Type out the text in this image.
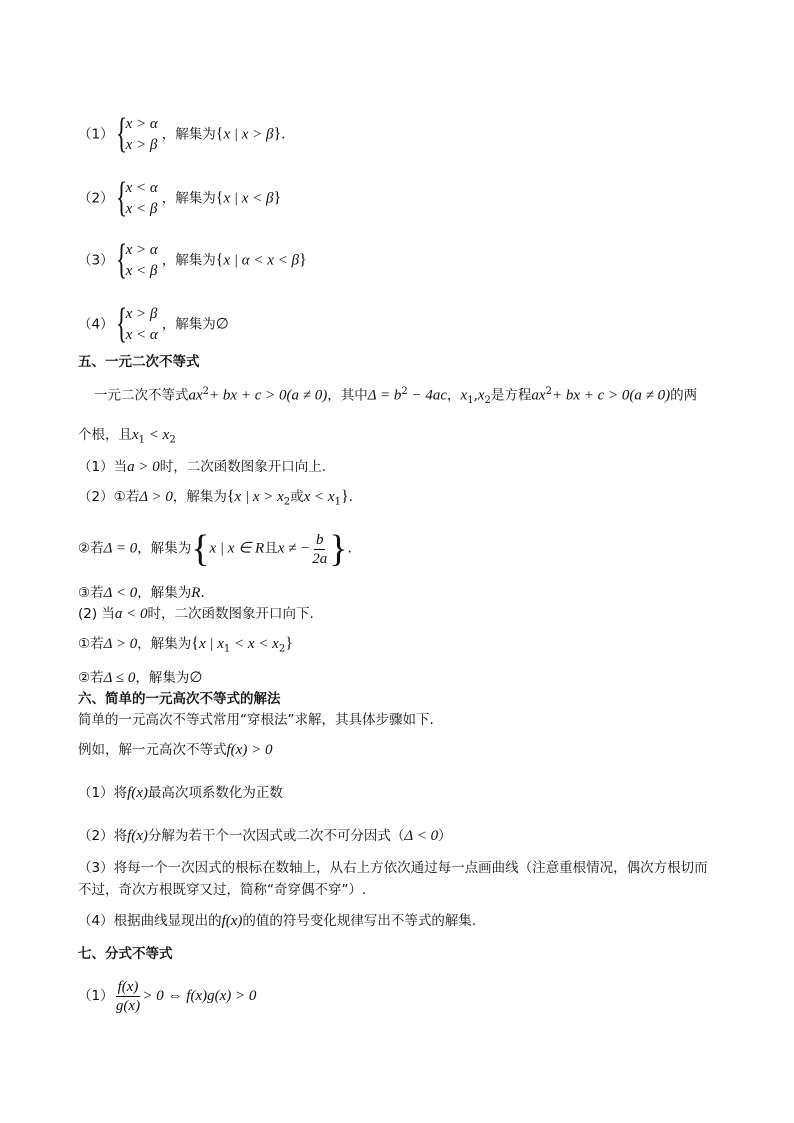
（1） {
x > α
x > β
，解集为{x | x > β}.
（2） {
x < α
x < β
，解集为{x | x < β}
（3） {
x > α
x < β
，解集为{x | α < x < β}
（4） {
x > β
x < α
，解集为∅
五、一元二次不等式
一元二次不等式$ax^2+$ bx + c > 0(a ≠ 0)，其中$\Delta = b^2 - 4ac$，$x_1,x_2$是方程$ax^2+$ bx + c > 0(a ≠ 0)的两
个根，且$x_1 < x_2$
（1）当a > 0时，二次函数图象开口向上.
（2）①若Δ > 0，解集为{x | $x > x_2$或$x < x_1$}.
②若Δ = 0，解集为{x | x ∈ R且x ≠ − $\frac{b}{2a}$ }.
③若Δ < 0，解集为R.
(2) 当a < 0时，二次函数图象开口向下.
①若Δ > 0，解集为{x | $x_1 < x < x_2$}
②若Δ ≤ 0，解集为∅
六、简单的一元高次不等式的解法
简单的一元高次不等式常用“穿根法”求解，其具体步骤如下.
例如，解一元高次不等式f(x) > 0
（1）将f(x)最高次项系数化为正数
（2）将f(x)分解为若干个一次因式或二次不可分因式（Δ < 0）
（3）将每一个一次因式的根标在数轴上，从右上方依次通过每一点画曲线（注意重根情况，偶次方根切而
不过，奇次方根既穿又过，简称“奇穿偶不穿”）.
（4）根据曲线显现出的f(x)的值的符号变化规律写出不等式的解集.
七、分式不等式
$(1) \frac{f(x)}{g(x)} > 0$ ⇔ f(x)g(x) > 0
